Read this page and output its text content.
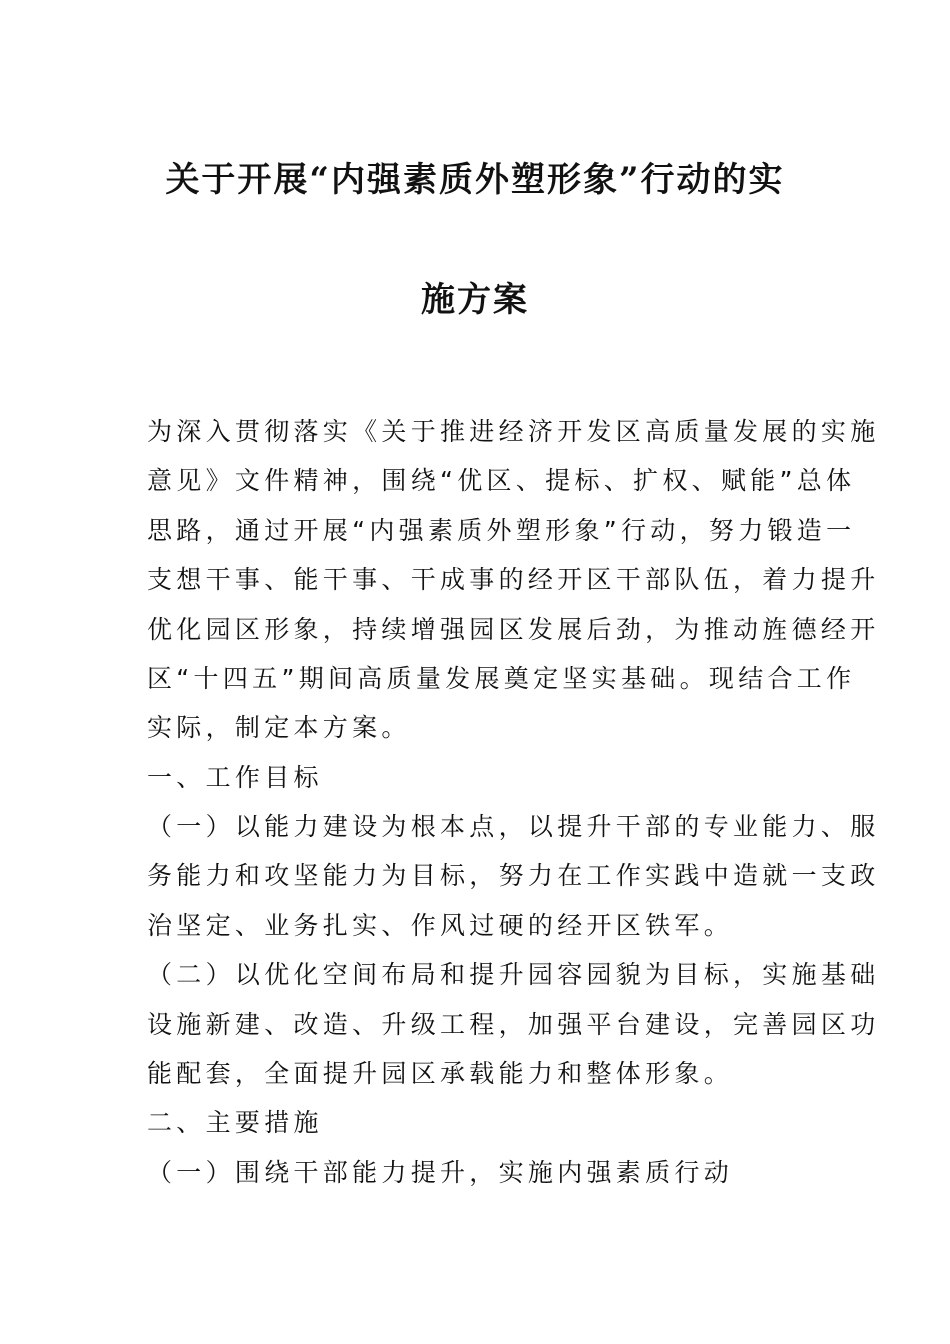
关于开展“内强素质外塑形象”行动的实
施方案
为深入贯彻落实《关于推进经济开发区高质量发展的实施
意见》文件精神，围绕“优区、提标、扩权、赋能”总体
思路，通过开展“内强素质外塑形象”行动，努力锻造一
支想干事、能干事、干成事的经开区干部队伍，着力提升
优化园区形象，持续增强园区发展后劲，为推动旌德经开
区“十四五”期间高质量发展奠定坚实基础。现结合工作
实际，制定本方案。
一、工作目标
（一）以能力建设为根本点，以提升干部的专业能力、服
务能力和攻坚能力为目标，努力在工作实践中造就一支政
治坚定、业务扎实、作风过硬的经开区铁军。
（二）以优化空间布局和提升园容园貌为目标，实施基础
设施新建、改造、升级工程，加强平台建设，完善园区功
能配套，全面提升园区承载能力和整体形象。
二、主要措施
（一）围绕干部能力提升，实施内强素质行动
